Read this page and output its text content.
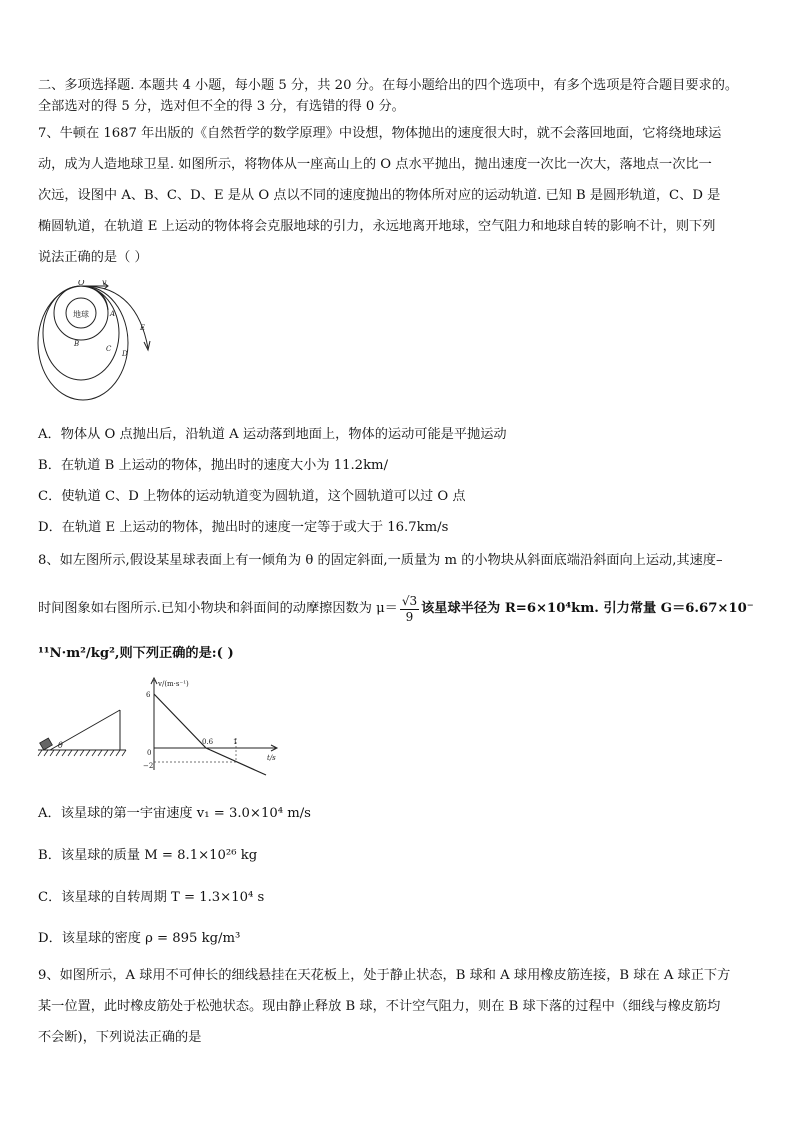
二、多项选择题. 本题共 4 小题，每小题 5 分，共 20 分。在每小题给出的四个选项中，有多个选项是符合题目要求的。
全部选对的得 5 分，选对但不全的得 3 分，有选错的得 0 分。
7、牛顿在 1687 年出版的《自然哲学的数学原理》中设想，物体抛出的速度很大时，就不会落回地面，它将绕地球运
动，成为人造地球卫星. 如图所示，将物体从一座高山上的 O 点水平抛出，抛出速度一次比一次大，落地点一次比一
次远，设图中 A、B、C、D、E 是从 O 点以不同的速度抛出的物体所对应的运动轨道. 已知 B 是圆形轨道，C、D 是
椭圆轨道，在轨道 E 上运动的物体将会克服地球的引力，永远地离开地球，空气阻力和地球自转的影响不计，则下列
说法正确的是（ ）
地球
O v
A
B
C
D
E
A．物体从 O 点抛出后，沿轨道 A 运动落到地面上，物体的运动可能是平抛运动
B．在轨道 B 上运动的物体，抛出时的速度大小为 11.2km/
C．使轨道 C、D 上物体的运动轨道变为圆轨道，这个圆轨道可以过 O 点
D．在轨道 E 上运动的物体，抛出时的速度一定等于或大于 16.7km/s
8、如左图所示,假设某星球表面上有一倾角为 θ 的固定斜面,一质量为 m 的小物块从斜面底端沿斜面向上运动,其速度–
时间图象如右图所示.已知小物块和斜面间的动摩擦因数为 $\mu= \frac{√3}{9}$ 该星球半径为 R=6×10⁴km. 引力常量 G＝6.67×10⁻
¹¹N·m²/kg²,则下列正确的是:( )
θ
v/(m·s⁻¹)
t/s
6
0
−2
0.6	1
A．该星球的第一宇宙速度 v₁ = 3.0×10⁴ m/s
B．该星球的质量 M = 8.1×10²⁶ kg
C．该星球的自转周期 T = 1.3×10⁴ s
D．该星球的密度 ρ = 895 kg/m³
9、如图所示，A 球用不可伸长的细线悬挂在天花板上，处于静止状态，B 球和 A 球用橡皮筋连接，B 球在 A 球正下方
某一位置，此时橡皮筋处于松弛状态。现由静止释放 B 球，不计空气阻力，则在 B 球下落的过程中（细线与橡皮筋均
不会断)，下列说法正确的是
